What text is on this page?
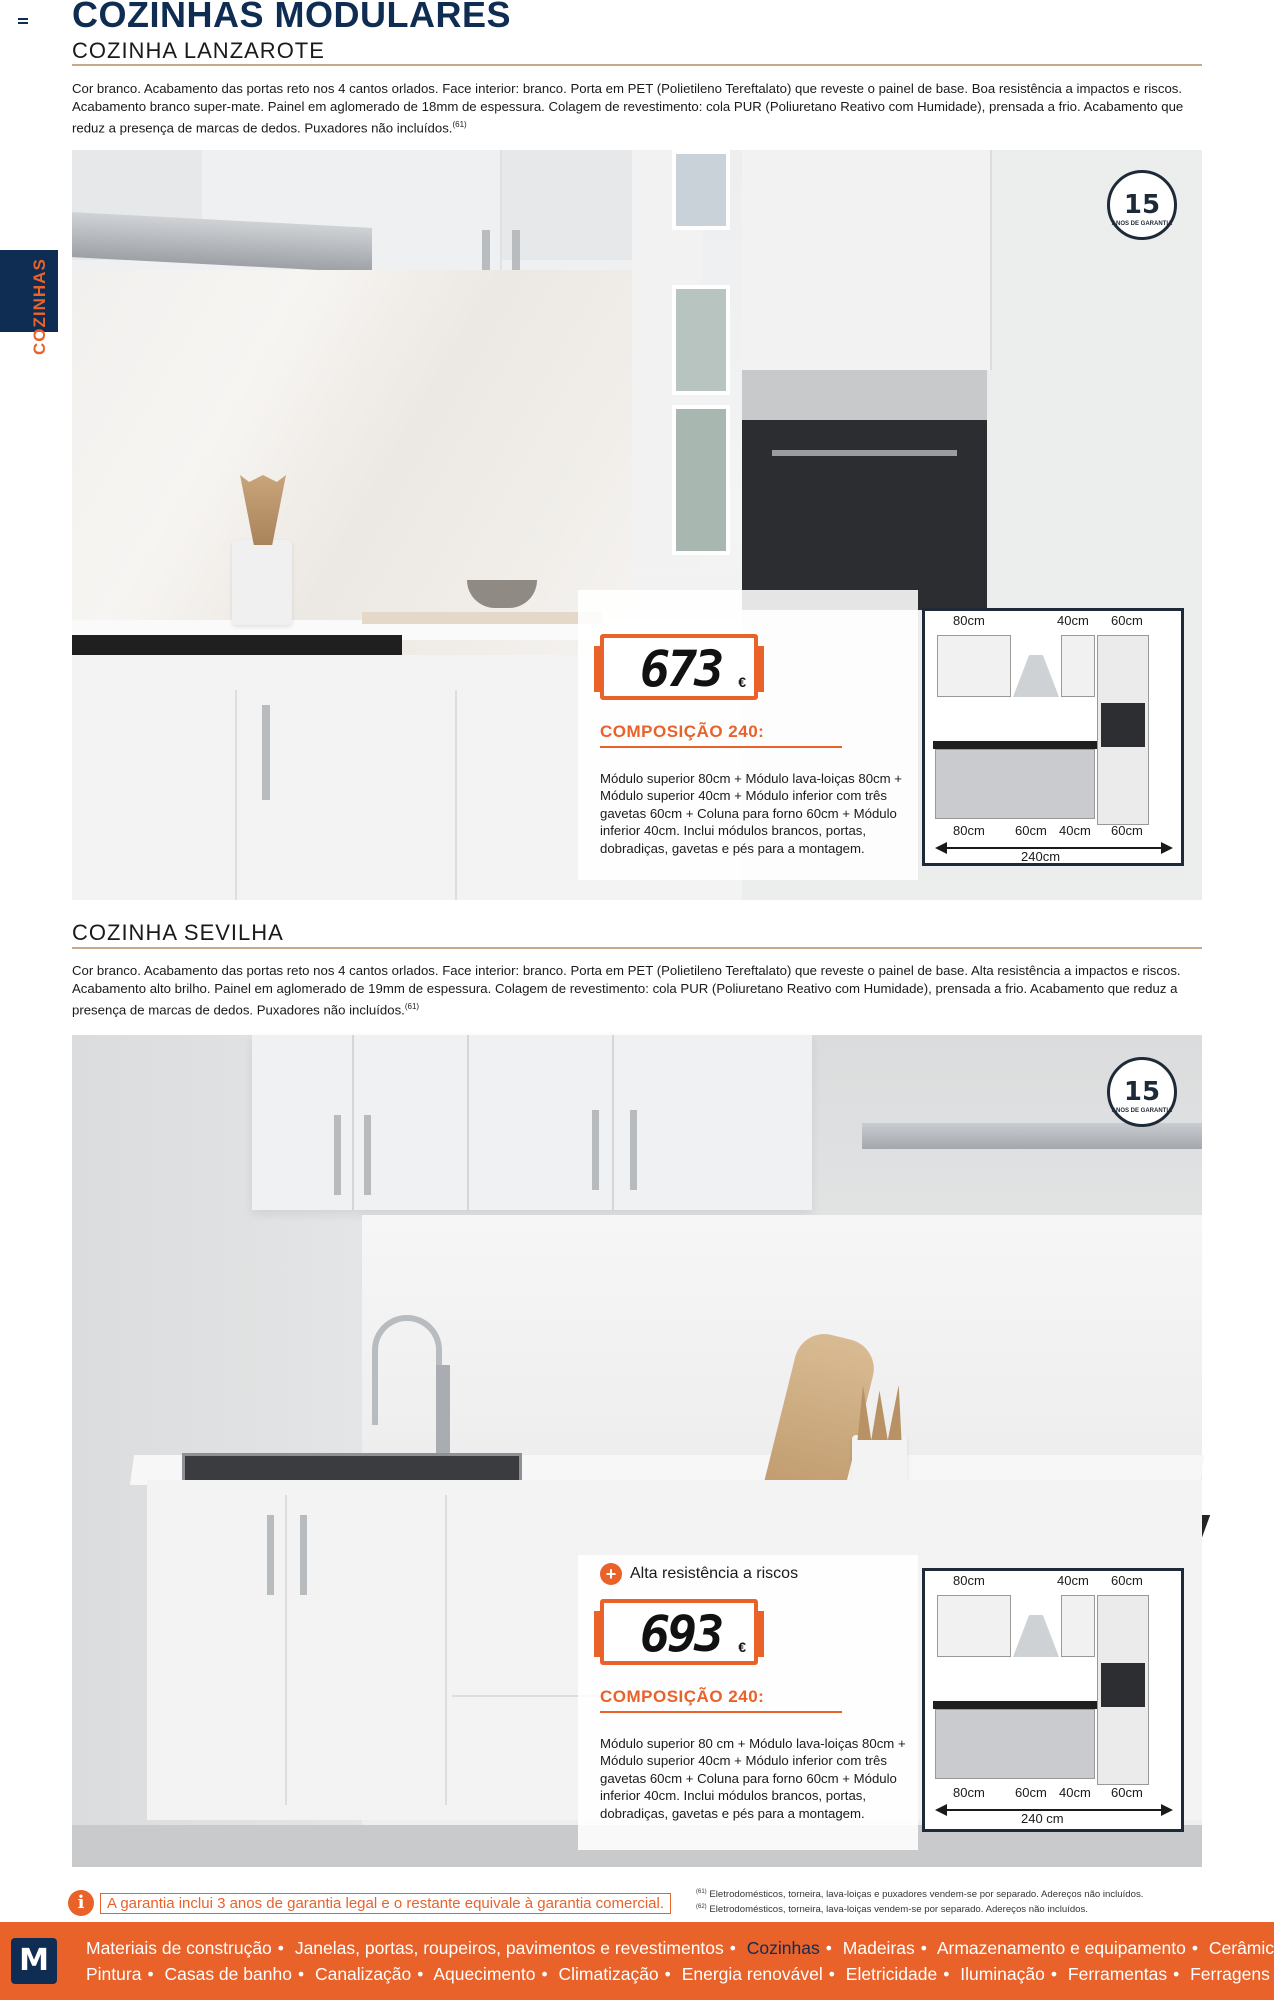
COZINHAS
COZINHAS MODULARES
COZINHA LANZAROTE
Cor branco. Acabamento das portas reto nos 4 cantos orlados. Face interior: branco. Porta em PET (Polietileno Tereftalato) que reveste o painel de base. Boa resistência a impactos e riscos. Acabamento branco super-mate. Painel em aglomerado de 18mm de espessura. Colagem de revestimento: cola PUR (Poliuretano Reativo com Humidade), prensada a frio. Acabamento que reduz a presença de marcas de dedos. Puxadores não incluídos.$^{(61)}$
15
ANOS DE GARANTIA
673 €
COMPOSIÇÃO 240:
Módulo superior 80cm + Módulo lava-loiças 80cm + Módulo superior 40cm + Módulo inferior com três gavetas 60cm + Coluna para forno 60cm + Módulo inferior 40cm. Inclui módulos brancos, portas, dobradiças, gavetas e pés para a montagem.
80cm	40cm 60cm
80cm 60cm 40cm 60cm
240cm
COZINHA SEVILHA
Cor branco. Acabamento das portas reto nos 4 cantos orlados. Face interior: branco. Porta em PET (Polietileno Tereftalato) que reveste o painel de base. Alta resistência a impactos e riscos. Acabamento alto brilho. Painel em aglomerado de 19mm de espessura. Colagem de revestimento: cola PUR (Poliuretano Reativo com Humidade), prensada a frio. Acabamento que reduz a presença de marcas de dedos. Puxadores não incluídos.$^{(61)}$
15
ANOS DE GARANTIA
+ Alta resistência a riscos
693 €
COMPOSIÇÃO 240:
Módulo superior 80 cm + Módulo lava-loiças 80cm + Módulo superior 40cm + Módulo inferior com três gavetas 60cm + Coluna para forno 60cm + Módulo inferior 40cm. Inclui módulos brancos, portas, dobradiças, gavetas e pés para a montagem.
80cm	40cm 60cm
80cm 60cm 40cm 60cm
240 cm
i	A garantia inclui 3 anos de garantia legal e o restante equivale à garantia comercial.
$^{(61)}$ Eletrodomésticos, torneira, lava-loiças e puxadores vendem-se por separado. Adereços não incluídos.
$^{(62)}$ Eletrodomésticos, torneira, lava-loiças vendem-se por separado. Adereços não incluídos.
M	Materiais de construção • Janelas, portas, roupeiros, pavimentos e revestimentos • Cozinhas • Madeiras • Armazenamento e equipamento • Cerâmica
Pintura • Casas de banho • Canalização • Aquecimento • Climatização • Energia renovável • Eletricidade • Iluminação • Ferramentas • Ferragens
